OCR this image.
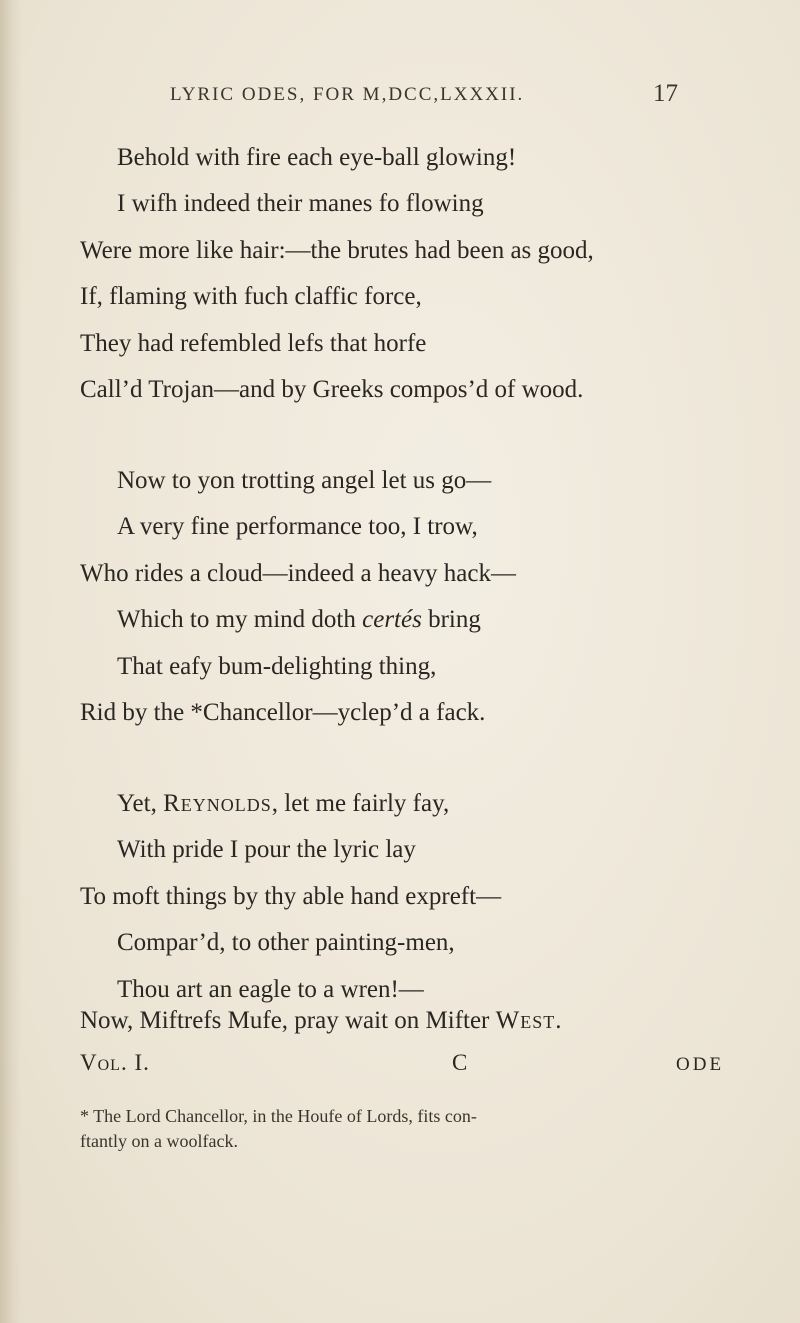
LYRIC ODES, FOR M,DCC,LXXXII.	17
Behold with fire each eye-ball glowing!
I wifh indeed their manes fo flowing
Were more like hair:—the brutes had been as good,
If, flaming with fuch claffic force,
They had refembled lefs that horfe
Call’d Trojan—and by Greeks compos’d of wood.
Now to yon trotting angel let us go—
A very fine performance too, I trow,
Who rides a cloud—indeed a heavy hack—
Which to my mind doth certés bring
That eafy bum-delighting thing,
Rid by the *Chancellor—yclep’d a fack.
Yet, Reynolds, let me fairly fay,
With pride I pour the lyric lay
To moft things by thy able hand expreft—
Compar’d, to other painting-men,
Thou art an eagle to a wren!—
Now, Miftrefs Mufe, pray wait on Mifter West.
Vol. I.	C	ODE
* The Lord Chancellor, in the Houfe of Lords, fits con-
ftantly on a woolfack.
